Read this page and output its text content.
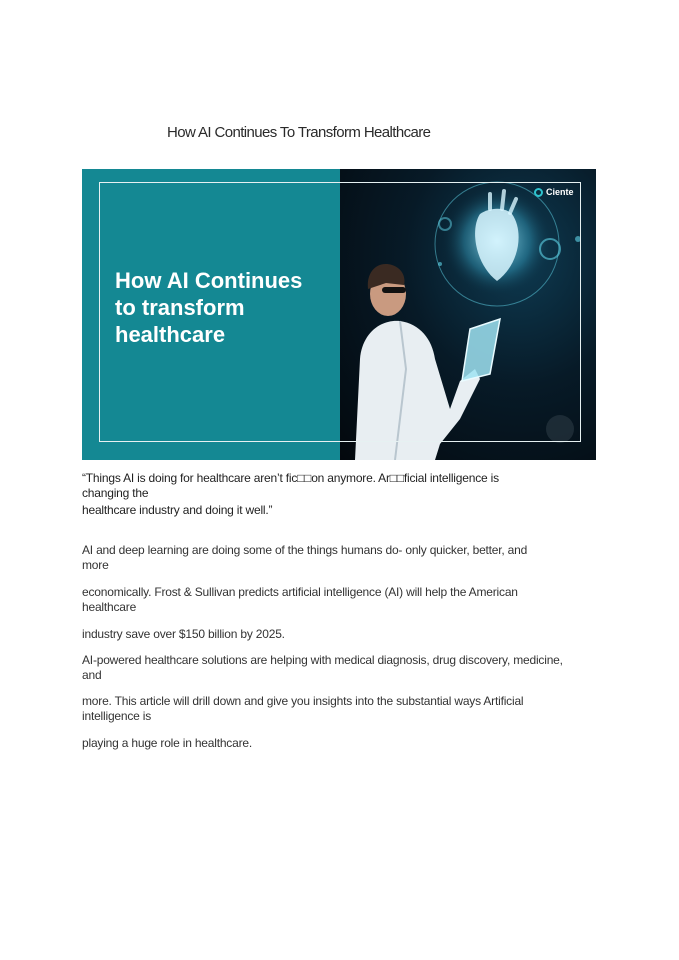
How AI Continues To Transform Healthcare
How AI Continues
to transform
healthcare
Ciente
“Things AI is doing for healthcare aren’t fic□□on anymore. Ar□□ficial intelligence is
changing the
healthcare industry and doing it well.”
AI and deep learning are doing some of the things humans do- only quicker, better, and
more
economically. Frost & Sullivan predicts artificial intelligence (AI) will help the American
healthcare
industry save over $150 billion by 2025.
AI-powered healthcare solutions are helping with medical diagnosis, drug discovery, medicine,
and
more. This article will drill down and give you insights into the substantial ways Artificial
intelligence is
playing a huge role in healthcare.
